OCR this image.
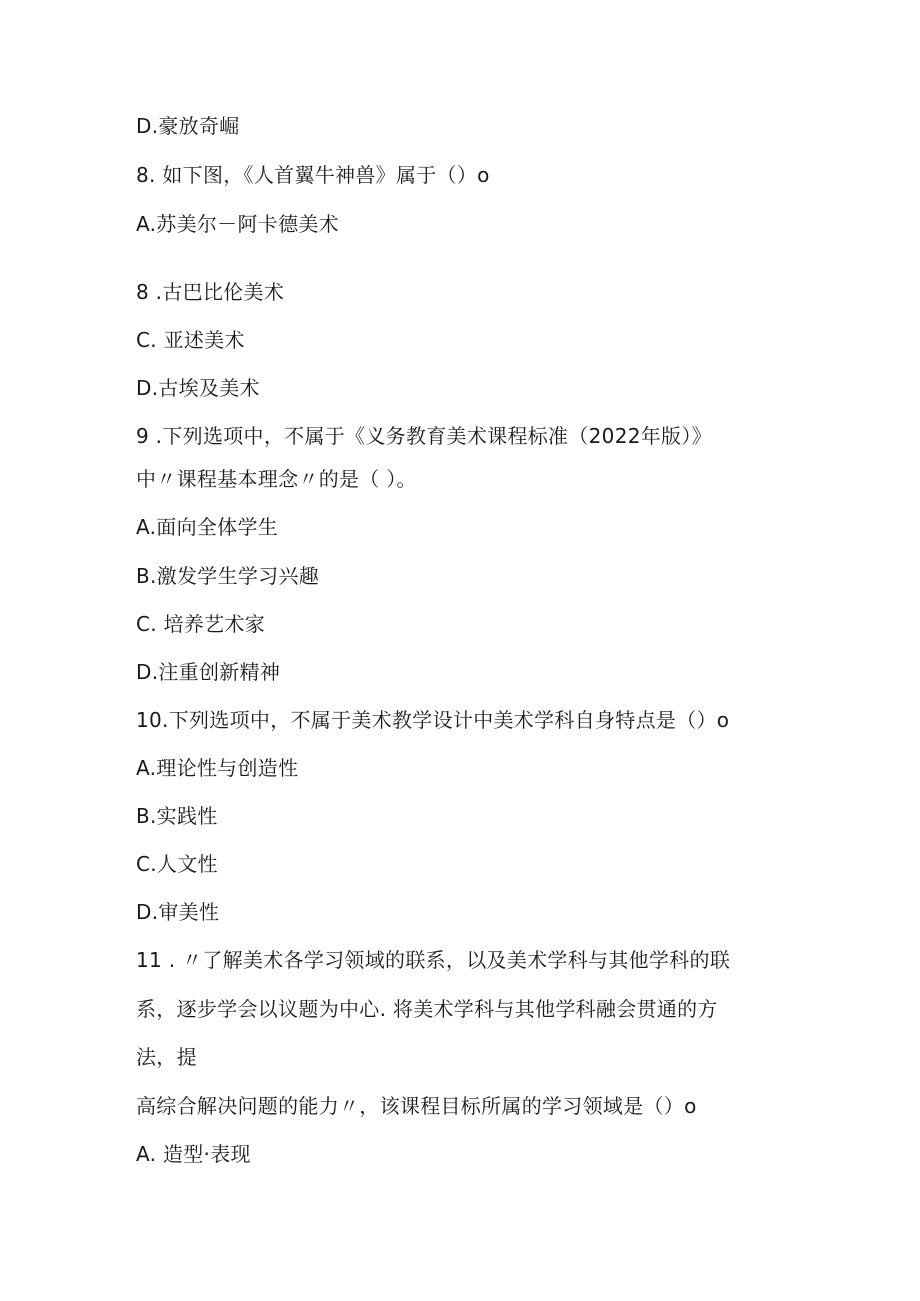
D.豪放奇崛
8. 如下图，《人首翼牛神兽》属于（）o
A.苏美尔－阿卡德美术
8 .古巴比伦美术
C. 亚述美术
D.古埃及美术
9 .下列选项中，不属于《义务教育美术课程标准（2022年版）》
中〃课程基本理念〃的是（ ）。
A.面向全体学生
B.激发学生学习兴趣
C. 培养艺术家
D.注重创新精神
10.下列选项中，不属于美术教学设计中美术学科自身特点是（）o
A.理论性与创造性
B.实践性
C.人文性
D.审美性
11 . 〃了解美术各学习领域的联系，以及美术学科与其他学科的联
系，逐步学会以议题为中心. 将美术学科与其他学科融会贯通的方
法，提
高综合解决问题的能力〃，该课程目标所属的学习领域是（）o
A. 造型·表现
